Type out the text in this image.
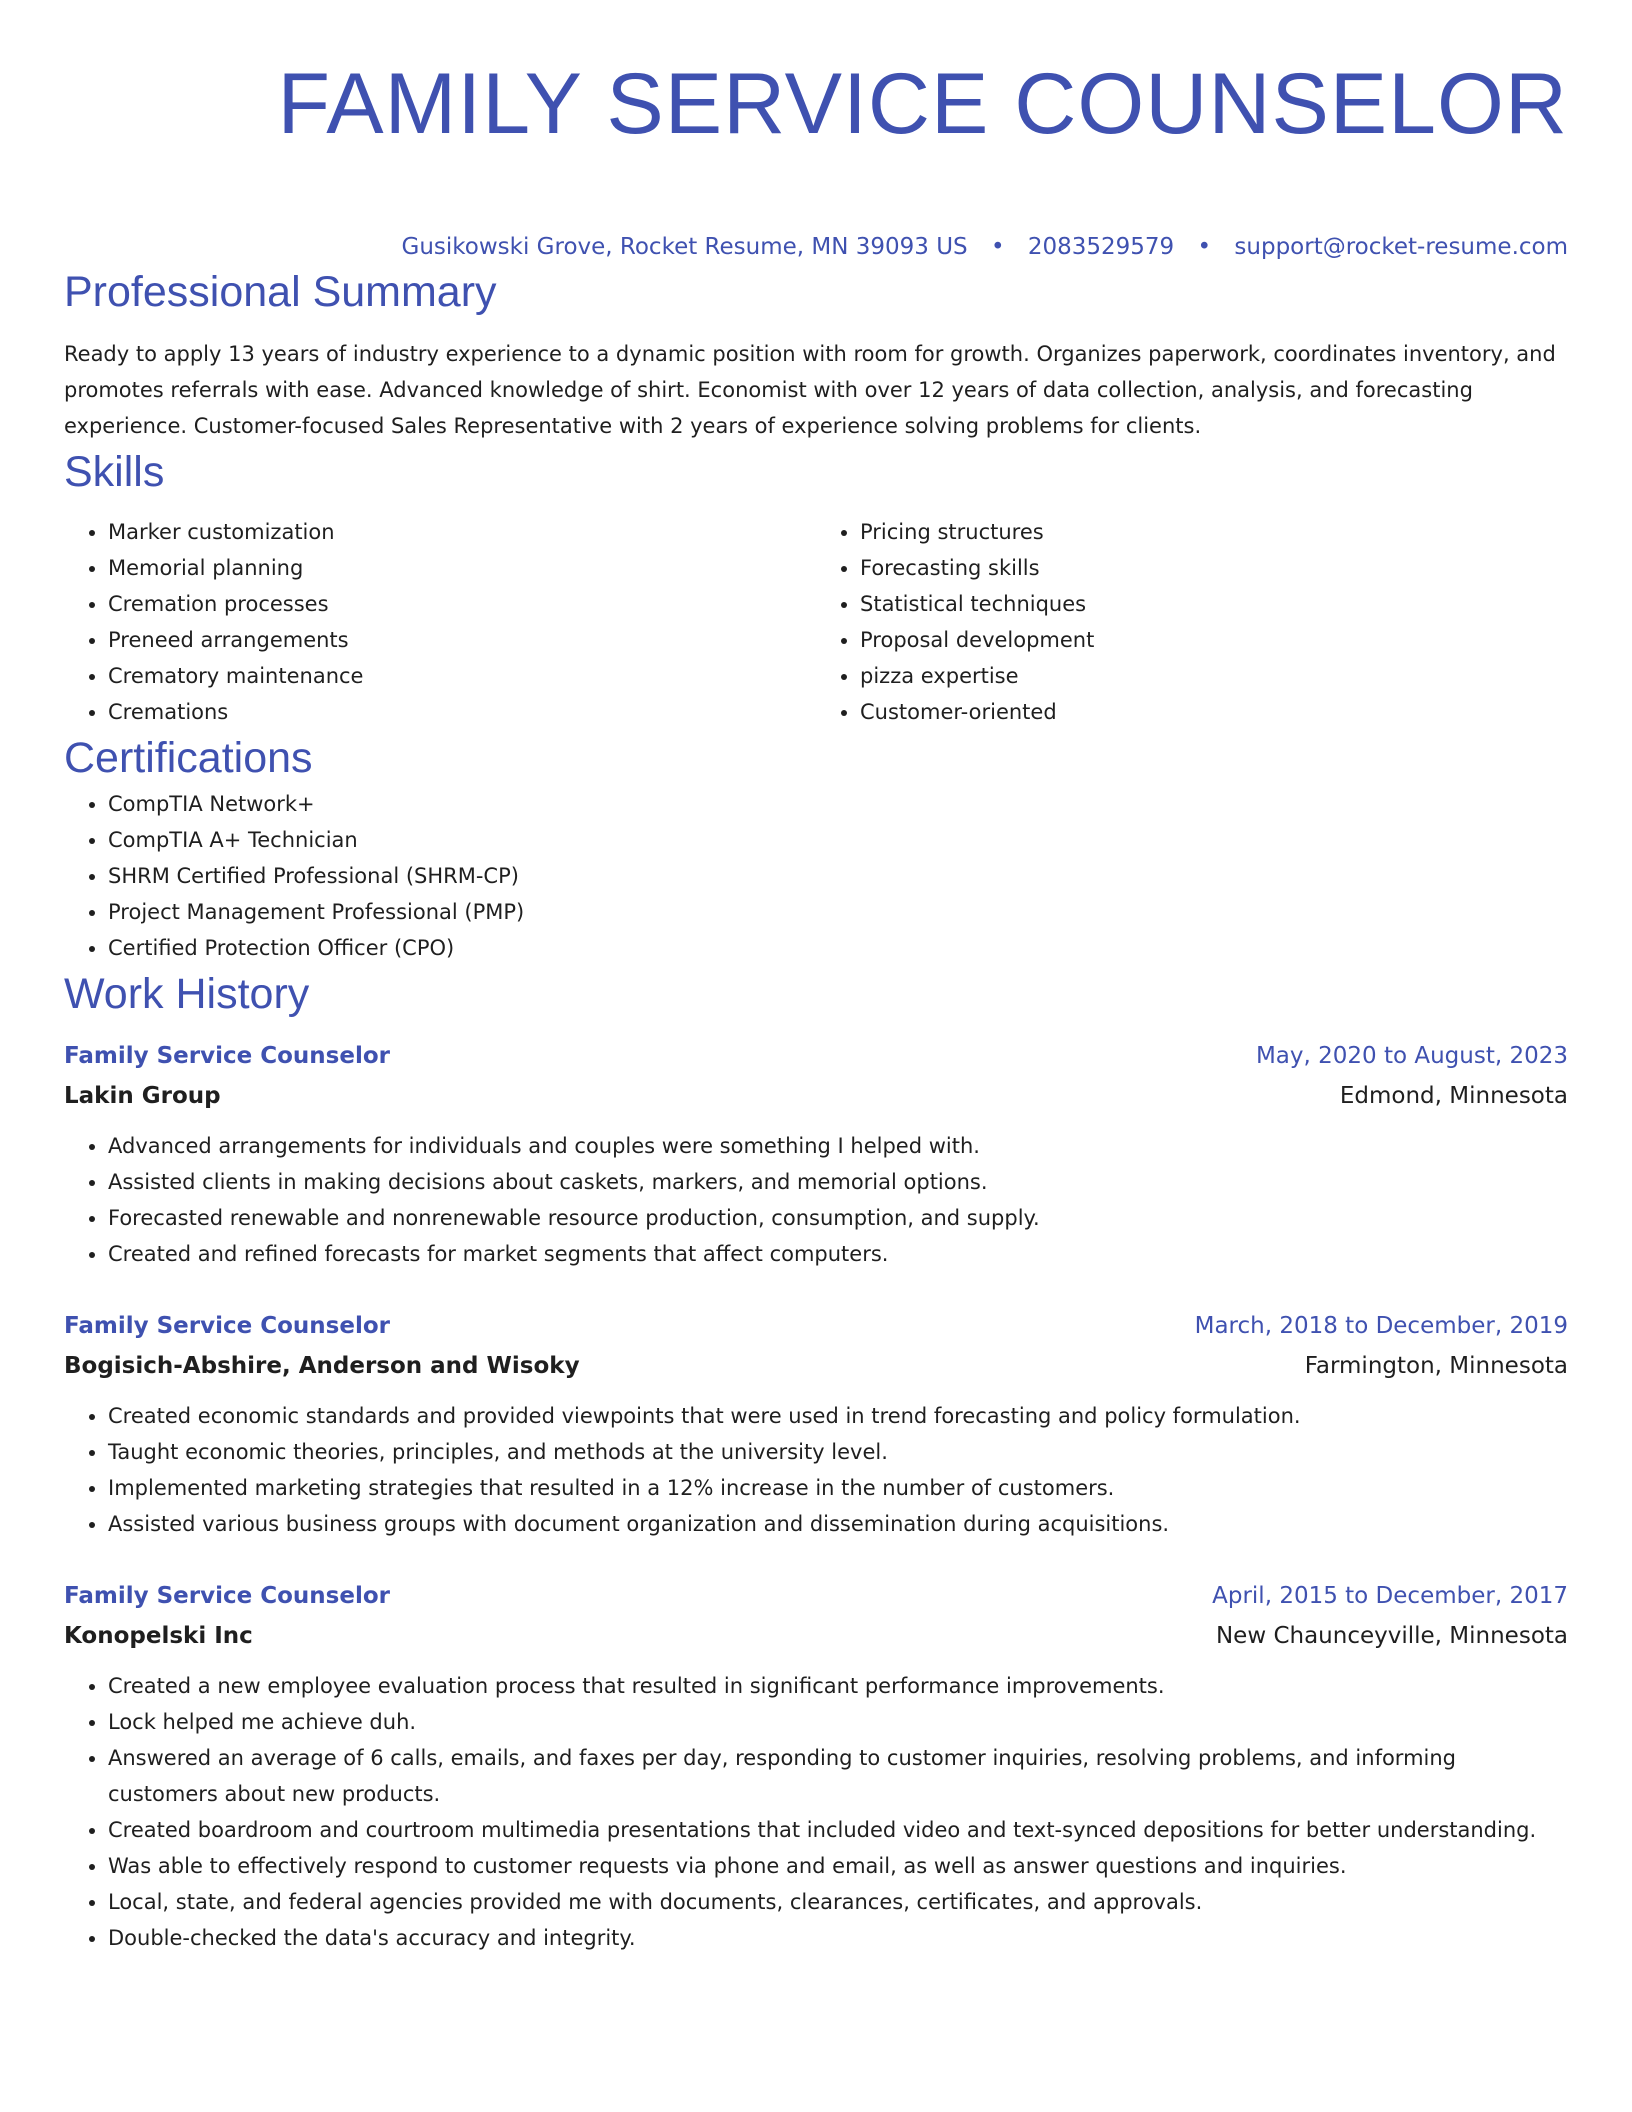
FAMILY SERVICE COUNSELOR
Gusikowski Grove, Rocket Resume, MN 39093 US • 2083529579 • support@rocket-resume.com
Professional Summary

Ready to apply 13 years of industry experience to a dynamic position with room for growth. Organizes paperwork, coordinates inventory, and promotes referrals with ease. Advanced knowledge of shirt. Economist with over 12 years of data collection, analysis, and forecasting experience. Customer-focused Sales Representative with 2 years of experience solving problems for clients.

Skills
• Marker customization
• Memorial planning
• Cremation processes
• Preneed arrangements
• Crematory maintenance
• Cremations
• Pricing structures
• Forecasting skills
• Statistical techniques
• Proposal development
• pizza expertise
• Customer-oriented
Certifications
• CompTIA Network+
• CompTIA A+ Technician
• SHRM Certified Professional (SHRM-CP)
• Project Management Professional (PMP)
• Certified Protection Officer (CPO)
Work History
Family Service Counselor	May, 2020 to August, 2023
Lakin Group	Edmond, Minnesota
• Advanced arrangements for individuals and couples were something I helped with.
• Assisted clients in making decisions about caskets, markers, and memorial options.
• Forecasted renewable and nonrenewable resource production, consumption, and supply.
• Created and refined forecasts for market segments that affect computers.
Family Service Counselor	March, 2018 to December, 2019
Bogisich-Abshire, Anderson and Wisoky	Farmington, Minnesota
• Created economic standards and provided viewpoints that were used in trend forecasting and policy formulation.
• Taught economic theories, principles, and methods at the university level.
• Implemented marketing strategies that resulted in a 12% increase in the number of customers.
• Assisted various business groups with document organization and dissemination during acquisitions.
Family Service Counselor	April, 2015 to December, 2017
Konopelski Inc	New Chaunceyville, Minnesota
• Created a new employee evaluation process that resulted in significant performance improvements.
• Lock helped me achieve duh.
• Answered an average of 6 calls, emails, and faxes per day, responding to customer inquiries, resolving problems, and informing customers about new products.
• Created boardroom and courtroom multimedia presentations that included video and text-synced depositions for better understanding.
• Was able to effectively respond to customer requests via phone and email, as well as answer questions and inquiries.
• Local, state, and federal agencies provided me with documents, clearances, certificates, and approvals.
• Double-checked the data's accuracy and integrity.
